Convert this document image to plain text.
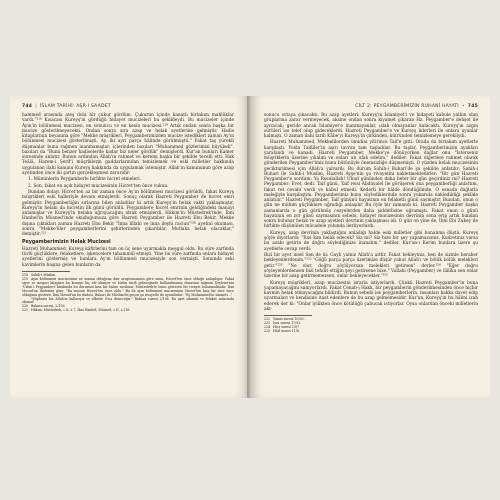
744 | İSLAM TARİHİ: AŞR-I SAADET

hammed arasında ateş dolu bir çukur gördüm. Çukurun içinde kanatlı birtakım mahlûklar vardı."²¹⁸ Kısacası Kureyş'in gördüğü hidayet mucizeleri bu şekildeydi. Bu mucizeler içinde Âyin'in bölünmesi mucizesi, en sonuncu ve en kesin mucizesi.²¹⁹ Artık ondan sonra başka bir mucize gösterilmeyecekti. Ondan sonra sıra azap ve helak ayetlerine gelmiştir. Hadis kitaplarının beyanına göre "Mekke müşrikleri, Peygamberimizden mucize istedikleri zaman Ay'ın bölünmesi mucizesi gösterilmişti. Ay, iki ayrı parça hâlinde görülmüştü." Fakat taş yürekli düşmanlar buna rağmen inanmamışlar; içlerinden bazıları "Muhammed gözlerimizi büyüledi", bazıları da "Buna benzer hadiselerde kadar biz neler gördük" demişlerdi. Kur'an bunları Kamer suresinde anlatır. Bunun ardından Allah'ın rahmet ve keremi başka bir şekilde tecelli etti. Hak Teâlâ, Harem-i Şerif'i müşriklerin gaddarlarından temizlemek ve eski milletler hakkında uygulanan ilahi kanunu Kureyş hakkında da uygulamak istemiştir. Allah'ın kanununun göre azap ayetinden önce iki şartın gerçekleşmesi zaruridir:

1. Müminlerin Peygamberle birlikte hicret etmeleri.

2. Son, fakat en açık hidayet mucizesinin Hicret'ten önce vukuu.

Bundan dolayı Hicret'ten az bir zaman önce Ay'ın bölünmesi mucizesi görüldü, fakat Kureyş müşrikleri eski halleriyle devam etmişlerdi. Sonuç olarak Hazreti Peygamber de hicret emri gelmiştir. Peygamberliğin sırlarına bilen anladılar ki artık Kureyş'in helak vakti yaklaşmıştır. Kureyş'in helakı da hicretin ilk günü görüldü. Peygambere hicret emrinin geldiğindeki manayı anlamışlar ve Kureyş'in helaka uğrayacağını idrak etmişlerdi. Hâkim'in Müstedrek'inde, İbni Hanbel'in Müsned'inde okuduğumuza göre Hazreti Peygamber ile Hazreti Ebu Bekir, Mekke dışına çıktıkları zaman Hazreti Ebu Bekir "İnna lillahi ve inna ileyhi raciun"²²⁰ ayetini okuması, sonra "Mekke'liler peygamberlerini şehirlerinden çıkardılar. Mutlaka helak olacaklar," demiştir.²²¹

Peygamberimizin Helak Mucizesi

Hazreti Muhammed, Kureyş kâfirlerini tam on üç sene uyarmakla meşgul oldu. Bu süre zarfında türlü güçlüklere, felaketlere, işkencelere tahammül etmişti. Yine bu süre zarfında onlara hidayet ayetlerini göstermiş ve bunlara Ay'ın bölünmesi mucizesiyle son vermişti. Sonunda eski kavimlerin başına gelen bunların da

218 Sahih-i Müslim.

219 Ayın bölünmesi mucizesinin ne zaman olduğuna dair araştırmamıza göre onun, Hicret'ten önce olduğu anlaşılıyor. Fakat siyer ve megazi kitapları bu konuyu hiç ele almıyor ve bütün tarih geleneğinde kullanılmamış olmasına rağmen Deylemi'nin 'Üslun-i Peygamberi' kitabında bu durumun kısa bir bahse rastlanır. Müstedrek'te bunu gösteren bir rivayet bulunmaktadır. İbni Mesud'un ifadesine göre: "Bu mucize Hicret'ten önce oldu." Bu da ayın bölünmesi mucizesinin Hicret'ten kısa bir süre önce olduğunu gösterir. İbni Mesud'un bu ifadesi, Buhari ile Müslim'de geçen şu rivayetle de uyumludur: "Ey Muhammed'in ümmeti..."

"Şüphesiz biz Allah'ın kullarıyız ve elbette O'na döneceğiz." Bakara suresi 2/156. Bu ayet sıkıntılı ve felaket anlarında okunur.

220 Bakara suresi, 2/156.

221 Hâkim, Müstedrek, c.II, s.7; İbni Hanbel, Müsned, c.II, s.216.

CİLT 2: PEYGAMBERİMİZİN RUHANİ HAYATI • 745

sonucu ortaya çıkacaktı. Bu azap ayetleri: Kureyş'in İslamiyet'i ve hidayeti kabule yatkın olan gruplarına zarar vermeyecek, aksine ondan sonra kıyamet çıkaran Hz. Peygamber'e dehşet ile ayıracak; geride ancak İslamiyet'e inanmayanlar, ıslah olmayanlar kalacaktı. Kureyş'in azgın sürüleri ise telef olup gideceklerdi. Hazreti Peygamber'e ve Kureyş liderleri ile onlara uyanlar kalmıştı. O zaman ilahi tarih Kâbe'yi Kureyş'in çirkinden, kütründen temizlemeye gerekliydi.

Hazreti Muhammed, Mekkelilerden ümidini yitirince Taif'e gitti. Orada da birtakım ayetlerle karşılaştı. Yolda Taifliler'in aşırı tavrını tam taşladılar. Bu taşlar, Peygamberimizin ayakları yaralandı ve kanadı. Hazreti Peygamber, Mekke'ye dönüyorken dağlar onu "İsterseniz müşriklerin üzerine yıkalım ve onları un ufak edelim," dediler. Fakat diğerlere rahmet olarak gönderilen Peygamber'imiz bunu bütünüyle önemsizliğe düşmemişti. O yüzden helak mucizesinin gecikturilmesi için Allah'a yalvardı. Bu durum Sahih-i Buhari'de şu şekilde anlatılır: Sahih-i Buhari ile Sahih-i Müslim, Hazreti Ayşe'nin şu rivayetini nakletmektedirler: "Bir gün Hazreti Peygamber'e sordum: Ya Resulallah! Uhud gününden daha beter bir gün geçirdiniz mi? Hazreti Peygamber: Evet, dedi. Taif günü, Taif reisi Abdüyalel ile görüşerek ona peygamberliği anlattım, fakat ret cevabı verdi ve kabul etmedi. Kederli bir hâlde döndüğümde. O esnada dağlarla meleğiyle karşılaştım. Peygamberimiz bunu söylediklerinde sonra yukarıda nakledildiği şekilde anlatılır." Hazreti Peygamber, Taif gününü hayatının en felaketli günü saymıştır. Bundan, onun o gün ne mühim güçlüklere uğradığı anlaşılır. Bu öyle bir zamandı ki, Hazreti Peygamber başka zamanlarda o gün görülmüş cezyelerden daha şiddetlisine uğramıştı. Fakat onun o günü hayatının en zor günü saymasının sebebi, hidayet mucizesinin devrinin sona erip artık bundan sonra bulunar helak ve azap ayetleri devrinin yaklaşması idi. O gün on yine de, İbni Ebi Zubey ile birlikte düşünülen mücadele yolunda ilerliyorlardı.

Kureyş, azap devrinin yaklaştığını anladığı halde eski milletler gibi bunalıma düştü. Kureyş şöyle diyorlardı: "Bizi kim helak edecek? Siz mi? Siz bize bir şey yapamazsınız. Kudretiniz varsa bu azabı getirin de doğru söylediğinize inanalım." dediler. Kur'an-ı Kerim bunlara üzere şu ayetlerle cevap verdi:

Bizi bir ayet insel Sen de ki: Gayb yalnız Allah'a aittir. Fakat bekleyiniz, ben de sizinle beraber bekleyenlerdenim."²²² "Göğü parça parça üzerimize düşür yahut Allah'ı ve bölük bölük melekleri getir."²²³ "Ne olur, doğru söylüyorsan melekleri getirsen" derler.²²⁴ "Eğer doğru söyleyenlerdensen bizi tehdit ettiğin şeyi getirsene bize." Vallahi (Peygamber) ve ilâlika sen onlar üzerine bir azap getirmemezsen, onlar bekleyecekler."²²⁵

Kureyş müşrikleri, azap mucizesini israrla istiyorlardı. Çünkü Hazreti Peygamber'in buna yapamayacağını sanıyorlardı. Fakat Cenab-ı Hakk, bir peygamberin gönderilmesinden önce hiçbir kavmin helak olmayacağını bildirdi. Bunun sebebi ise peygamberlerin, insanları hakka davet edip uyarmaları ve kendisine itaat edenlere de bu azap gelmemesidir. Kur'an, Kureyş'in bu hâlini izah ederek der ki: "Onlar iyilikten önce kötülüğü çabucak istiyorlar. Oysa onlardan önceki milletlerin akı-

222 Yunus suresi 10/20.

223 İsra suresi 17/92.

224 Hicr suresi 15/7.

225 Hûd suresi 11/8.
